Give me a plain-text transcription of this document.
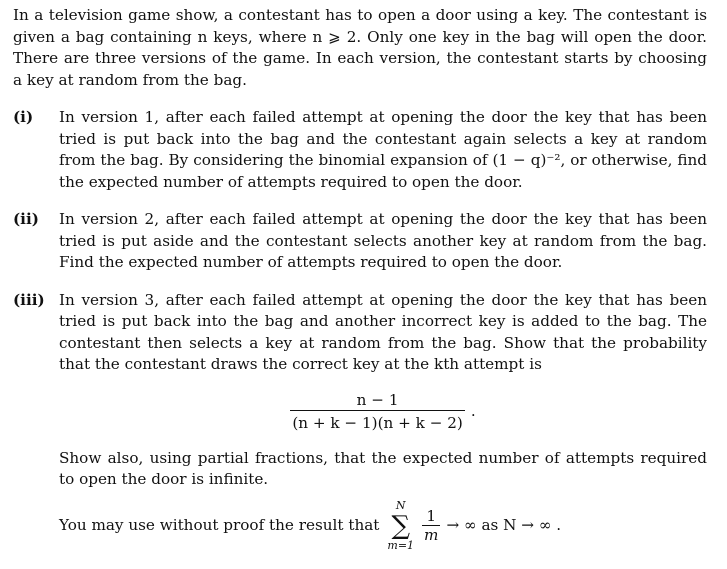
In a television game show, a contestant has to open a door using a key. The contestant is given a bag containing n keys, where n ⩾ 2. Only one key in the bag will open the door. There are three versions of the game. In each version, the contestant starts by choosing a key at random from the bag.

(i) In version 1, after each failed attempt at opening the door the key that has been tried is put back into the bag and the contestant again selects a key at random from the bag. By considering the binomial expansion of (1 − q)⁻², or otherwise, find the expected number of attempts required to open the door.

(ii) In version 2, after each failed attempt at opening the door the key that has been tried is put aside and the contestant selects another key at random from the bag. Find the expected number of attempts required to open the door.

(iii) In version 3, after each failed attempt at opening the door the key that has been tried is put back into the bag and another incorrect key is added to the bag. The contestant then selects a key at random from the bag. Show that the probability that the contestant draws the correct key at the kth attempt is

$\frac{n - 1}{(n + k - 1)(n + k - 2)}$ .

Show also, using partial fractions, that the expected number of attempts required to open the door is infinite.

You may use without proof the result that
N
∑
m=1
$\frac{1}{m}$ → ∞ as N → ∞ .
